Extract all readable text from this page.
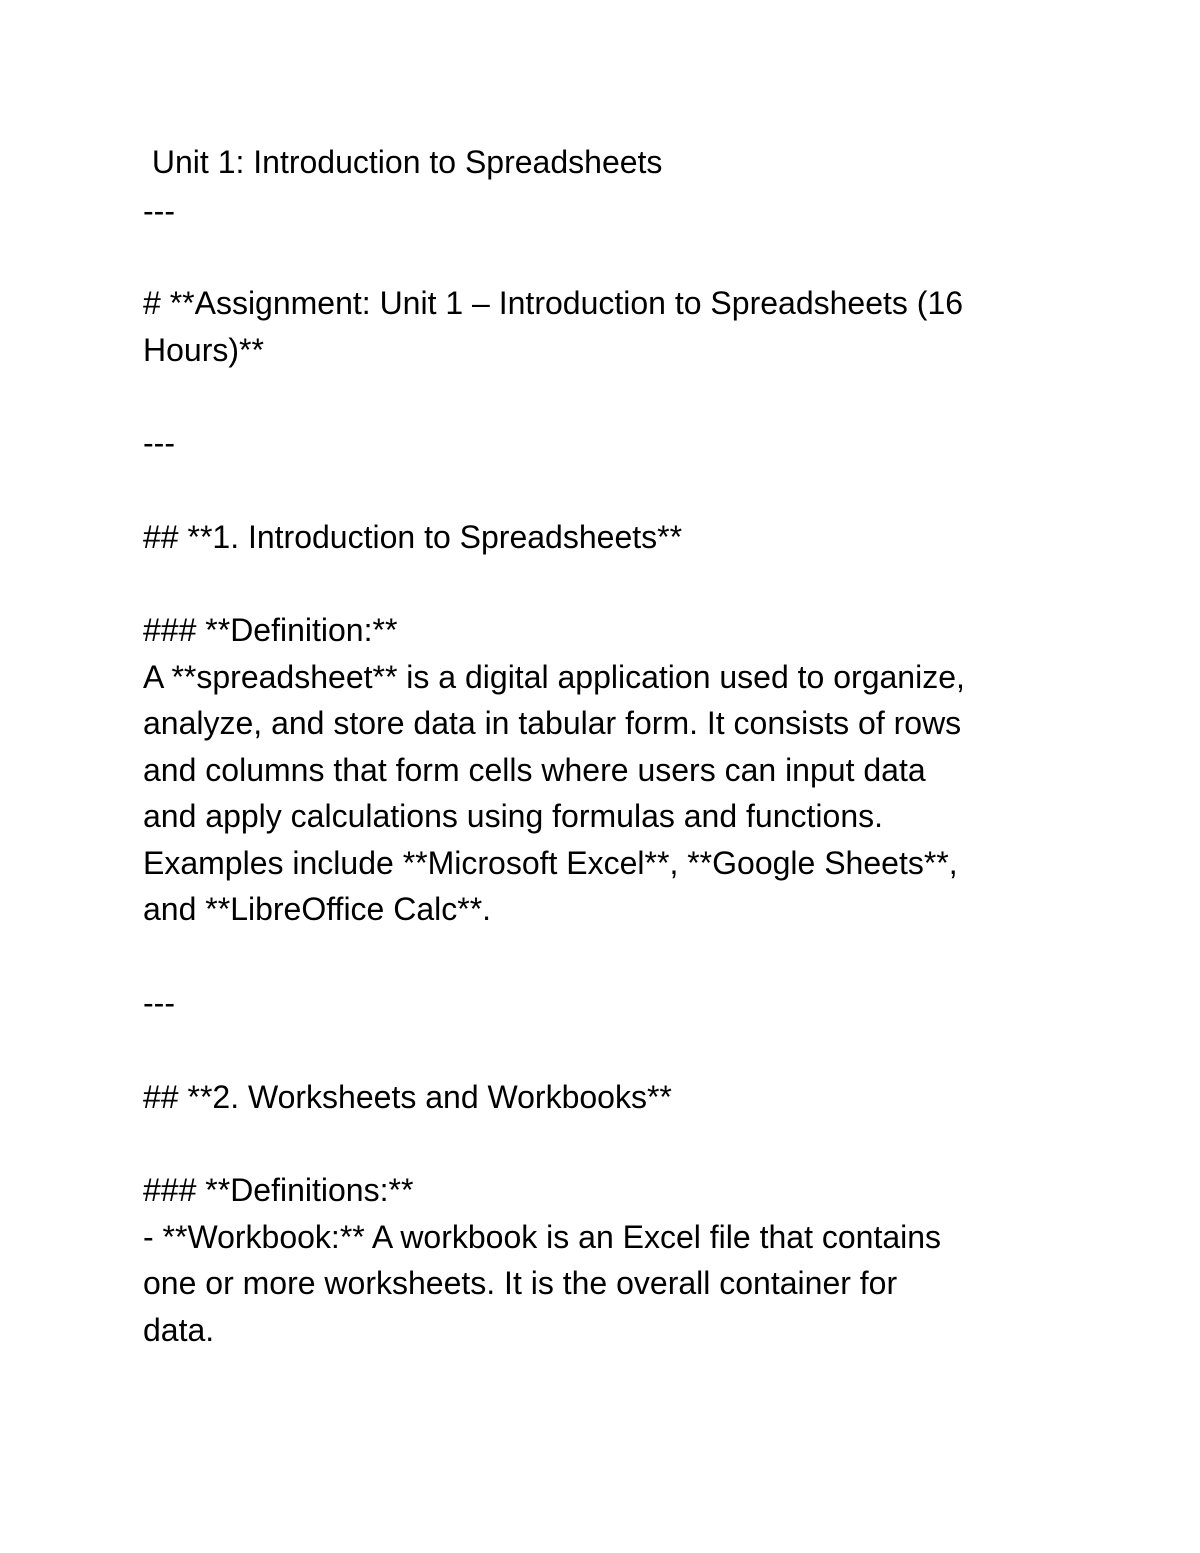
Unit 1: Introduction to Spreadsheets
---
# **Assignment: Unit 1 – Introduction to Spreadsheets (16
Hours)**
---
## **1. Introduction to Spreadsheets**
### **Definition:**
A **spreadsheet** is a digital application used to organize,
analyze, and store data in tabular form. It consists of rows
and columns that form cells where users can input data
and apply calculations using formulas and functions.
Examples include **Microsoft Excel**, **Google Sheets**,
and **LibreOffice Calc**.
---
## **2. Worksheets and Workbooks**
### **Definitions:**
- **Workbook:** A workbook is an Excel file that contains
one or more worksheets. It is the overall container for
data.
